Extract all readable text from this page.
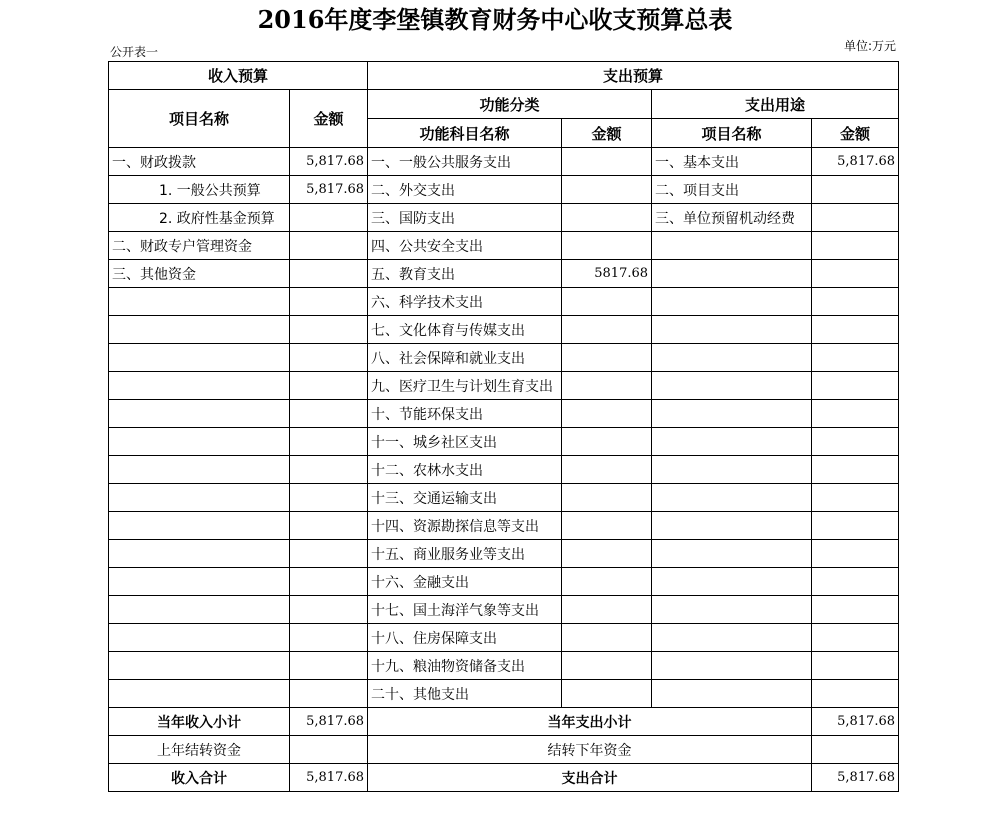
2016年度李堡镇教育财务中心收支预算总表
公开表一	单位:万元
收入预算		支出预算			
项目名称	金额	功能分类		支出用途	
		功能科目名称	金额	项目名称	金额
一、财政拨款	5,817.68	一、一般公共服务支出		一、基本支出	5,817.68
1. 一般公共预算	5,817.68	二、外交支出		二、项目支出	
2. 政府性基金预算		三、国防支出		三、单位预留机动经费	
二、财政专户管理资金		四、公共安全支出			
三、其他资金		五、教育支出	5817.68		
		六、科学技术支出			
		七、文化体育与传媒支出			
		八、社会保障和就业支出			
		九、医疗卫生与计划生育支出			
		十、节能环保支出			
		十一、城乡社区支出			
		十二、农林水支出			
		十三、交通运输支出			
		十四、资源勘探信息等支出			
		十五、商业服务业等支出			
		十六、金融支出			
		十七、国土海洋气象等支出			
		十八、住房保障支出			
		十九、粮油物资储备支出			
		二十、其他支出			
当年收入小计	5,817.68	当年支出小计			5,817.68
上年结转资金		结转下年资金			
收入合计	5,817.68	支出合计			5,817.68
